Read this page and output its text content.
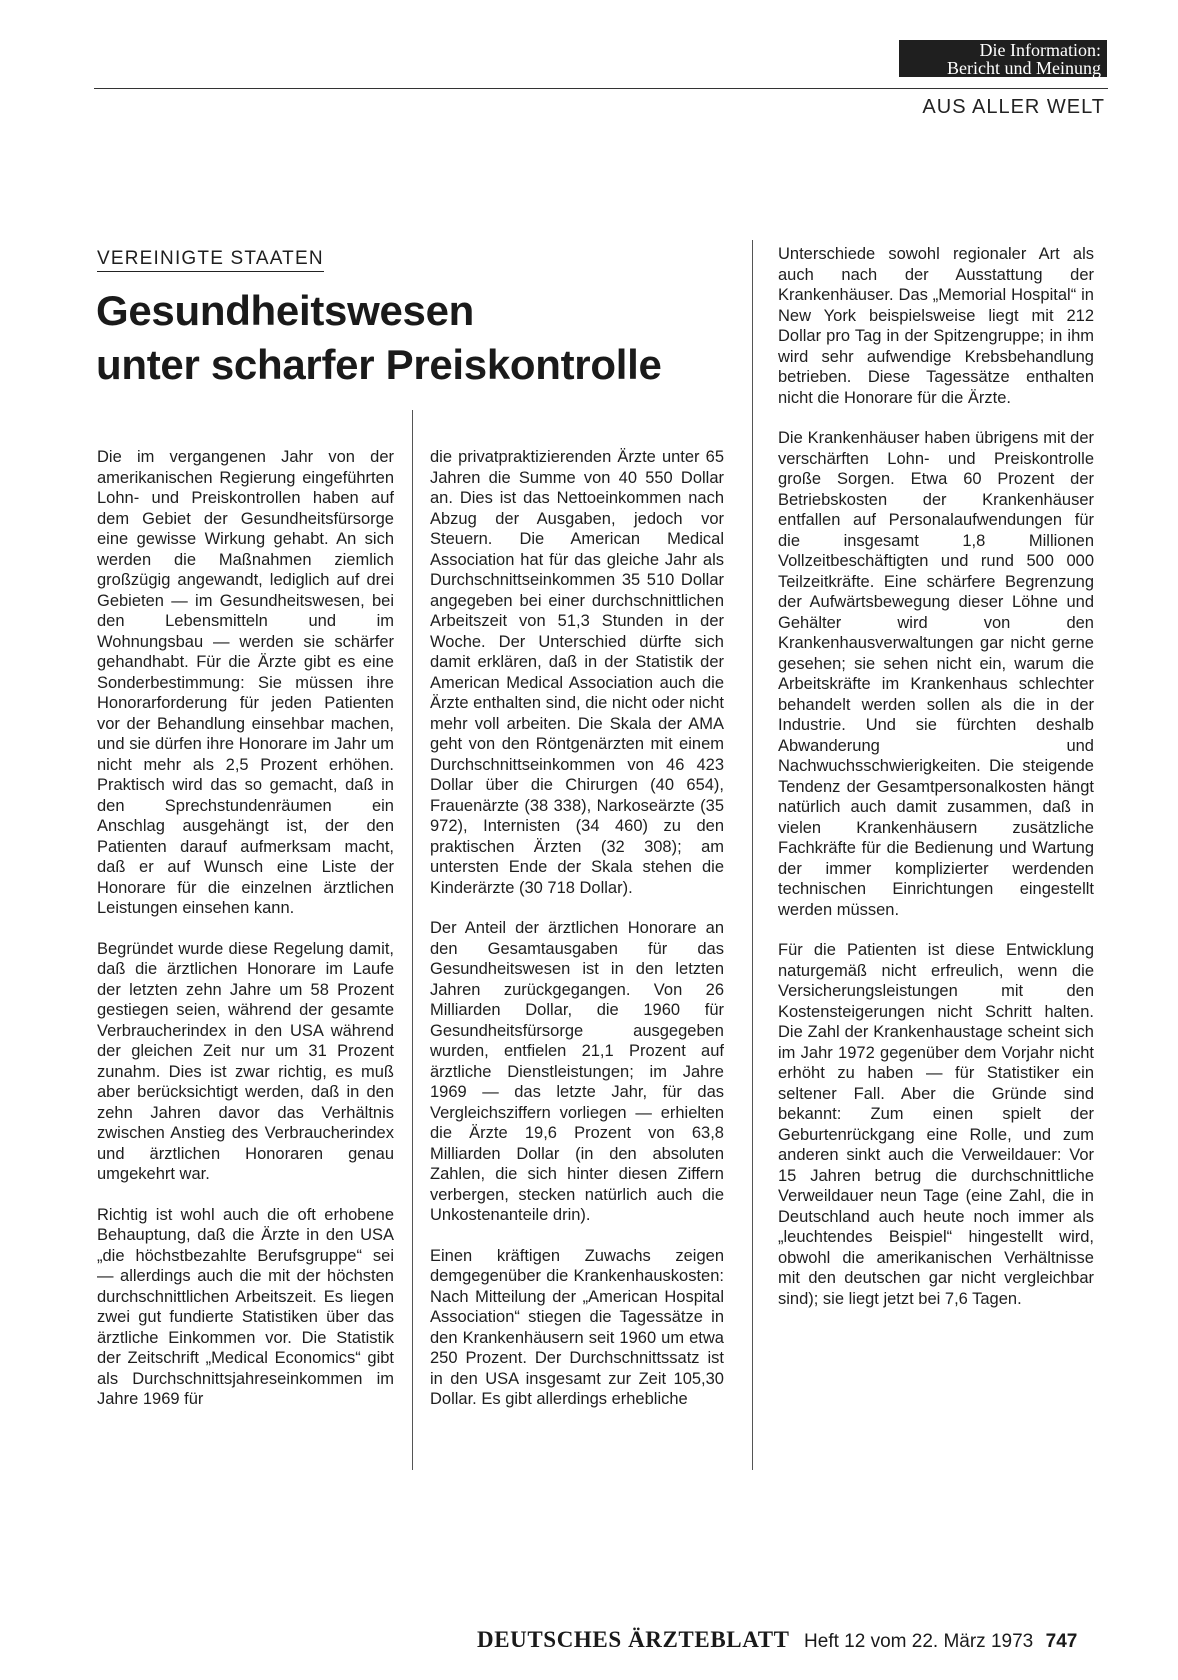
Die Information:
Bericht und Meinung
AUS ALLER WELT
VEREINIGTE STAATEN
Gesundheitswesen
unter scharfer Preiskontrolle

Die im vergangenen Jahr von der amerikanischen Regierung eingeführten Lohn- und Preiskontrollen haben auf dem Gebiet der Gesundheitsfürsorge eine gewisse Wirkung gehabt. An sich werden die Maßnahmen ziemlich großzügig angewandt, lediglich auf drei Gebieten — im Gesundheitswesen, bei den Lebensmitteln und im Wohnungsbau — werden sie schärfer gehandhabt. Für die Ärzte gibt es eine Sonderbestimmung: Sie müssen ihre Honorarforderung für jeden Patienten vor der Behandlung einsehbar machen, und sie dürfen ihre Honorare im Jahr um nicht mehr als 2,5 Prozent erhöhen. Praktisch wird das so gemacht, daß in den Sprechstundenräumen ein Anschlag ausgehängt ist, der den Patienten darauf aufmerksam macht, daß er auf Wunsch eine Liste der Honorare für die einzelnen ärztlichen Leistungen einsehen kann.

Begründet wurde diese Regelung damit, daß die ärztlichen Honorare im Laufe der letzten zehn Jahre um 58 Prozent gestiegen seien, während der gesamte Verbraucherindex in den USA während der gleichen Zeit nur um 31 Prozent zunahm. Dies ist zwar richtig, es muß aber berücksichtigt werden, daß in den zehn Jahren davor das Verhältnis zwischen Anstieg des Verbraucherindex und ärztlichen Honoraren genau umgekehrt war.

Richtig ist wohl auch die oft erhobene Behauptung, daß die Ärzte in den USA „die höchstbezahlte Berufsgruppe“ sei — allerdings auch die mit der höchsten durchschnittlichen Arbeitszeit. Es liegen zwei gut fundierte Statistiken über das ärztliche Einkommen vor. Die Statistik der Zeitschrift „Medical Economics“ gibt als Durchschnittsjahreseinkommen im Jahre 1969 für

die privatpraktizierenden Ärzte unter 65 Jahren die Summe von 40 550 Dollar an. Dies ist das Nettoeinkommen nach Abzug der Ausgaben, jedoch vor Steuern. Die American Medical Association hat für das gleiche Jahr als Durchschnittseinkommen 35 510 Dollar angegeben bei einer durchschnittlichen Arbeitszeit von 51,3 Stunden in der Woche. Der Unterschied dürfte sich damit erklären, daß in der Statistik der American Medical Association auch die Ärzte enthalten sind, die nicht oder nicht mehr voll arbeiten. Die Skala der AMA geht von den Röntgenärzten mit einem Durchschnittseinkommen von 46 423 Dollar über die Chirurgen (40 654), Frauenärzte (38 338), Narkoseärzte (35 972), Internisten (34 460) zu den praktischen Ärzten (32 308); am untersten Ende der Skala stehen die Kinderärzte (30 718 Dollar).

Der Anteil der ärztlichen Honorare an den Gesamtausgaben für das Gesundheitswesen ist in den letzten Jahren zurückgegangen. Von 26 Milliarden Dollar, die 1960 für Gesundheitsfürsorge ausgegeben wurden, entfielen 21,1 Prozent auf ärztliche Dienstleistungen; im Jahre 1969 — das letzte Jahr, für das Vergleichsziffern vorliegen — erhielten die Ärzte 19,6 Prozent von 63,8 Milliarden Dollar (in den absoluten Zahlen, die sich hinter diesen Ziffern verbergen, stecken natürlich auch die Unkostenanteile drin).

Einen kräftigen Zuwachs zeigen demgegenüber die Krankenhauskosten: Nach Mitteilung der „American Hospital Association“ stiegen die Tagessätze in den Krankenhäusern seit 1960 um etwa 250 Prozent. Der Durchschnittssatz ist in den USA insgesamt zur Zeit 105,30 Dollar. Es gibt allerdings erhebliche

Unterschiede sowohl regionaler Art als auch nach der Ausstattung der Krankenhäuser. Das „Memorial Hospital“ in New York beispielsweise liegt mit 212 Dollar pro Tag in der Spitzengruppe; in ihm wird sehr aufwendige Krebsbehandlung betrieben. Diese Tagessätze enthalten nicht die Honorare für die Ärzte.

Die Krankenhäuser haben übrigens mit der verschärften Lohn- und Preiskontrolle große Sorgen. Etwa 60 Prozent der Betriebskosten der Krankenhäuser entfallen auf Personalaufwendungen für die insgesamt 1,8 Millionen Vollzeitbeschäftigten und rund 500 000 Teilzeitkräfte. Eine schärfere Begrenzung der Aufwärtsbewegung dieser Löhne und Gehälter wird von den Krankenhausverwaltungen gar nicht gerne gesehen; sie sehen nicht ein, warum die Arbeitskräfte im Krankenhaus schlechter behandelt werden sollen als die in der Industrie. Und sie fürchten deshalb Abwanderung und Nachwuchsschwierigkeiten. Die steigende Tendenz der Gesamtpersonalkosten hängt natürlich auch damit zusammen, daß in vielen Krankenhäusern zusätzliche Fachkräfte für die Bedienung und Wartung der immer komplizierter werdenden technischen Einrichtungen eingestellt werden müssen.

Für die Patienten ist diese Entwicklung naturgemäß nicht erfreulich, wenn die Versicherungsleistungen mit den Kostensteigerungen nicht Schritt halten. Die Zahl der Krankenhaustage scheint sich im Jahr 1972 gegenüber dem Vorjahr nicht erhöht zu haben — für Statistiker ein seltener Fall. Aber die Gründe sind bekannt: Zum einen spielt der Geburtenrückgang eine Rolle, und zum anderen sinkt auch die Verweildauer: Vor 15 Jahren betrug die durchschnittliche Verweildauer neun Tage (eine Zahl, die in Deutschland auch heute noch immer als „leuchtendes Beispiel“ hingestellt wird, obwohl die amerikanischen Verhältnisse mit den deutschen gar nicht vergleichbar sind); sie liegt jetzt bei 7,6 Tagen.

DEUTSCHES ÄRZTEBLATT Heft 12 vom 22. März 1973 747
